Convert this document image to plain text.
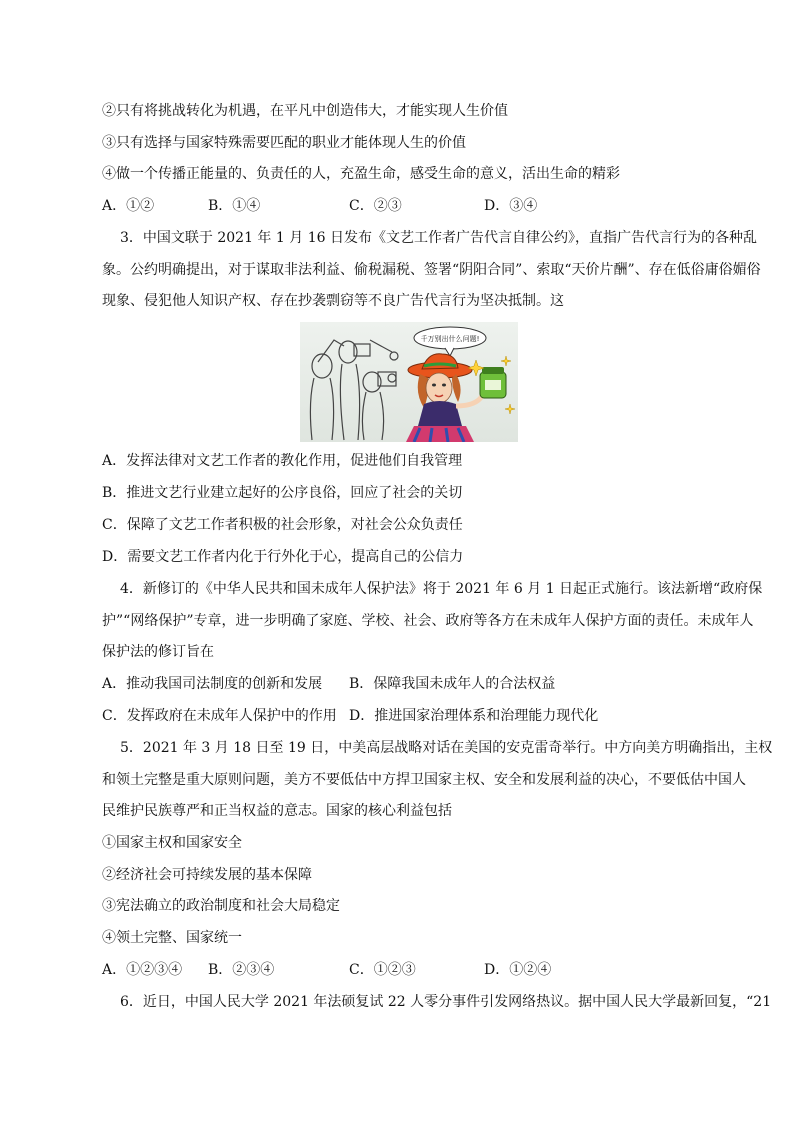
②只有将挑战转化为机遇，在平凡中创造伟大，才能实现人生价值
③只有选择与国家特殊需要匹配的职业才能体现人生的价值
④做一个传播正能量的、负责任的人，充盈生命，感受生命的意义，活出生命的精彩
A．①②	B．①④	C．②③	D．③④
3．中国文联于 2021 年 1 月 16 日发布《文艺工作者广告代言自律公约》，直指广告代言行为的各种乱
象。公约明确提出，对于谋取非法利益、偷税漏税、签署“阴阳合同”、索取“天价片酬”、存在低俗庸俗媚俗
现象、侵犯他人知识产权、存在抄袭剽窃等不良广告代言行为坚决抵制。这
千万别出什么问题!
A．发挥法律对文艺工作者的教化作用，促进他们自我管理
B．推进文艺行业建立起好的公序良俗，回应了社会的关切
C．保障了文艺工作者积极的社会形象，对社会公众负责任
D．需要文艺工作者内化于行外化于心，提高自己的公信力
4．新修订的《中华人民共和国未成年人保护法》将于 2021 年 6 月 1 日起正式施行。该法新增“政府保
护”“网络保护”专章，进一步明确了家庭、学校、社会、政府等各方在未成年人保护方面的责任。未成年人
保护法的修订旨在
A．推动我国司法制度的创新和发展 B．保障我国未成年人的合法权益
C．发挥政府在未成年人保护中的作用 D．推进国家治理体系和治理能力现代化
5．2021 年 3 月 18 日至 19 日，中美高层战略对话在美国的安克雷奇举行。中方向美方明确指出，主权
和领土完整是重大原则问题，美方不要低估中方捍卫国家主权、安全和发展利益的决心，不要低估中国人
民维护民族尊严和正当权益的意志。国家的核心利益包括
①国家主权和国家安全
②经济社会可持续发展的基本保障
③宪法确立的政治制度和社会大局稳定
④领土完整、国家统一
A．①②③④ B．②③④	C．①②③	D．①②④
6．近日，中国人民大学 2021 年法硕复试 22 人零分事件引发网络热议。据中国人民大学最新回复，“21
